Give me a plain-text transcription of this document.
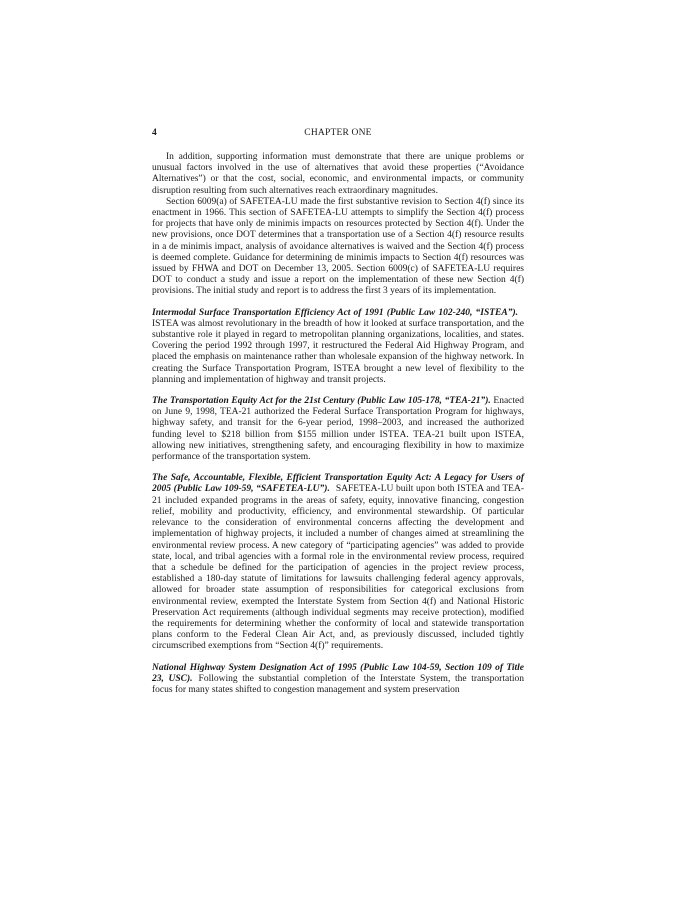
4	CHAPTER ONE

In addition, supporting information must demonstrate that there are unique problems or unusual factors involved in the use of alternatives that avoid these properties (“Avoidance Alternatives”) or that the cost, social, economic, and environmental impacts, or community disruption resulting from such alternatives reach extraordinary magnitudes.

Section 6009(a) of SAFETEA-LU made the first substantive revision to Section 4(f) since its enactment in 1966. This section of SAFETEA-LU attempts to simplify the Section 4(f) process for projects that have only de minimis impacts on resources protected by Section 4(f). Under the new provisions, once DOT determines that a transportation use of a Section 4(f) resource results in a de minimis impact, analysis of avoidance alternatives is waived and the Section 4(f) process is deemed complete. Guidance for determining de minimis impacts to Section 4(f) resources was issued by FHWA and DOT on December 13, 2005. Section 6009(c) of SAFETEA-LU requires DOT to conduct a study and issue a report on the implementation of these new Section 4(f) provisions. The initial study and report is to address the first 3 years of its implementation.

Intermodal Surface Transportation Efficiency Act of 1991 (Public Law 102-240, “ISTEA”).ISTEA was almost revolutionary in the breadth of how it looked at surface transportation, and the substantive role it played in regard to metropolitan planning organizations, localities, and states. Covering the period 1992 through 1997, it restructured the Federal Aid Highway Program, and placed the emphasis on maintenance rather than wholesale expansion of the highway network. In creating the Surface Transportation Program, ISTEA brought a new level of flexibility to the planning and implementation of highway and transit projects.

The Transportation Equity Act for the 21st Century (Public Law 105-178, “TEA-21”). Enacted on June 9, 1998, TEA-21 authorized the Federal Surface Transportation Program for highways, highway safety, and transit for the 6-year period, 1998–2003, and increased the authorized funding level to $218 billion from $155 million under ISTEA. TEA-21 built upon ISTEA, allowing new initiatives, strengthening safety, and encouraging flexibility in how to maximize performance of the transportation system.

The Safe, Accountable, Flexible, Efficient Transportation Equity Act: A Legacy for Users of 2005 (Public Law 109-59, “SAFETEA-LU”). SAFETEA-LU built upon both ISTEA and TEA-21 included expanded programs in the areas of safety, equity, innovative financing, congestion relief, mobility and productivity, efficiency, and environmental stewardship. Of particular relevance to the consideration of environmental concerns affecting the development and implementation of highway projects, it included a number of changes aimed at streamlining the environmental review process. A new category of “participating agencies” was added to provide state, local, and tribal agencies with a formal role in the environmental review process, required that a schedule be defined for the participation of agencies in the project review process, established a 180-day statute of limitations for lawsuits challenging federal agency approvals, allowed for broader state assumption of responsibilities for categorical exclusions from environmental review, exempted the Interstate System from Section 4(f) and National Historic Preservation Act requirements (although individual segments may receive protection), modified the requirements for determining whether the conformity of local and statewide transportation plans conform to the Federal Clean Air Act, and, as previously discussed, included tightly circumscribed exemptions from “Section 4(f)” requirements.

National Highway System Designation Act of 1995 (Public Law 104-59, Section 109 of Title 23, USC). Following the substantial completion of the Interstate System, the transportation focus for many states shifted to congestion management and system preservation
